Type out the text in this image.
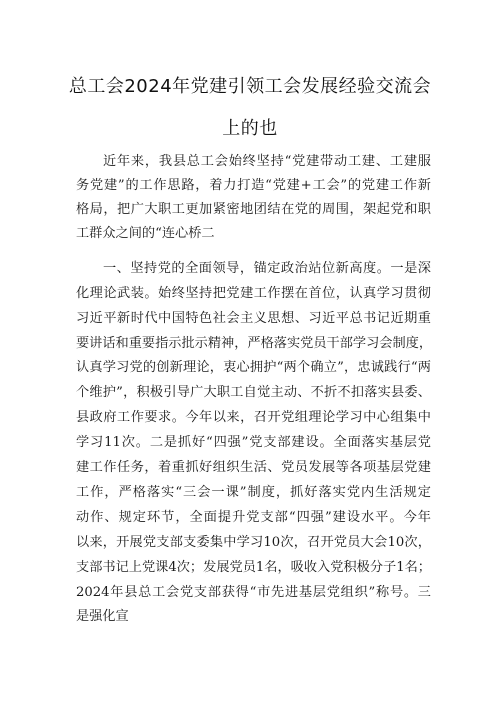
总工会2024年党建引领工会发展经验交流会
上的也
近年来，我县总工会始终坚持“党建带动工建、工建服
务党建”的工作思路，着力打造“党建+工会”的党建工作新
格局，把广大职工更加紧密地团结在党的周围，架起党和职
工群众之间的“连心桥二
一、坚持党的全面领导，锚定政治站位新高度。一是深
化理论武装。始终坚持把党建工作摆在首位，认真学习贯彻
习近平新时代中国特色社会主义思想、习近平总书记近期重
要讲话和重要指示批示精神，严格落实党员干部学习会制度，
认真学习党的创新理论，衷心拥护“两个确立”，忠诚践行“两
个维护”，积极引导广大职工自觉主动、不折不扣落实县委、
县政府工作要求。今年以来，召开党组理论学习中心组集中
学习11次。二是抓好“四强”党支部建设。全面落实基层党
建工作任务，着重抓好组织生活、党员发展等各项基层党建
工作，严格落实“三会一课”制度，抓好落实党内生活规定
动作、规定环节，全面提升党支部“四强”建设水平。今年
以来，开展党支部支委集中学习10次，召开党员大会10次，
支部书记上党课4次；发展党员1名，吸收入党积极分子1名；
2024年县总工会党支部获得“市先进基层党组织”称号。三
是强化宣
